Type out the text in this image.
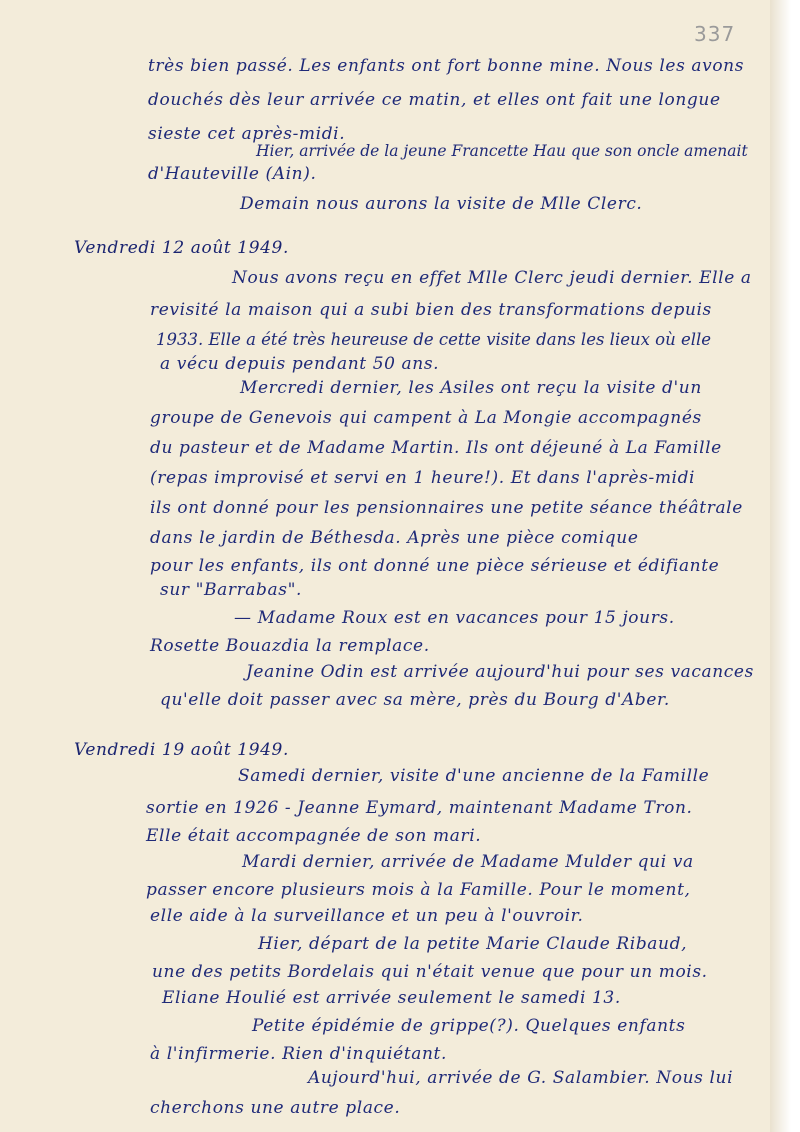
337
très bien passé. Les enfants ont fort bonne mine. Nous les avons
douchés dès leur arrivée ce matin, et elles ont fait une longue
sieste cet après-midi.
Hier, arrivée de la jeune Francette Hau que son oncle amenait
d'Hauteville (Ain).
Demain nous aurons la visite de Mlle Clerc.
Vendredi 12 août 1949.
Nous avons reçu en effet Mlle Clerc jeudi dernier. Elle a
revisité la maison qui a subi bien des transformations depuis
1933. Elle a été très heureuse de cette visite dans les lieux où elle
a vécu depuis pendant 50 ans.
Mercredi dernier, les Asiles ont reçu la visite d'un
groupe de Genevois qui campent à La Mongie accompagnés
du pasteur et de Madame Martin. Ils ont déjeuné à La Famille
(repas improvisé et servi en 1 heure!). Et dans l'après-midi
ils ont donné pour les pensionnaires une petite séance théâtrale
dans le jardin de Béthesda. Après une pièce comique
pour les enfants, ils ont donné une pièce sérieuse et édifiante
sur "Barrabas".
— Madame Roux est en vacances pour 15 jours.
Rosette Bouazdia la remplace.
Jeanine Odin est arrivée aujourd'hui pour ses vacances
qu'elle doit passer avec sa mère, près du Bourg d'Aber.
Vendredi 19 août 1949.
Samedi dernier, visite d'une ancienne de la Famille
sortie en 1926 - Jeanne Eymard, maintenant Madame Tron.
Elle était accompagnée de son mari.
Mardi dernier, arrivée de Madame Mulder qui va
passer encore plusieurs mois à la Famille. Pour le moment,
elle aide à la surveillance et un peu à l'ouvroir.
Hier, départ de la petite Marie Claude Ribaud,
une des petits Bordelais qui n'était venue que pour un mois.
Eliane Houlié est arrivée seulement le samedi 13.
Petite épidémie de grippe(?). Quelques enfants
à l'infirmerie. Rien d'inquiétant.
Aujourd'hui, arrivée de G. Salambier. Nous lui
cherchons une autre place.
